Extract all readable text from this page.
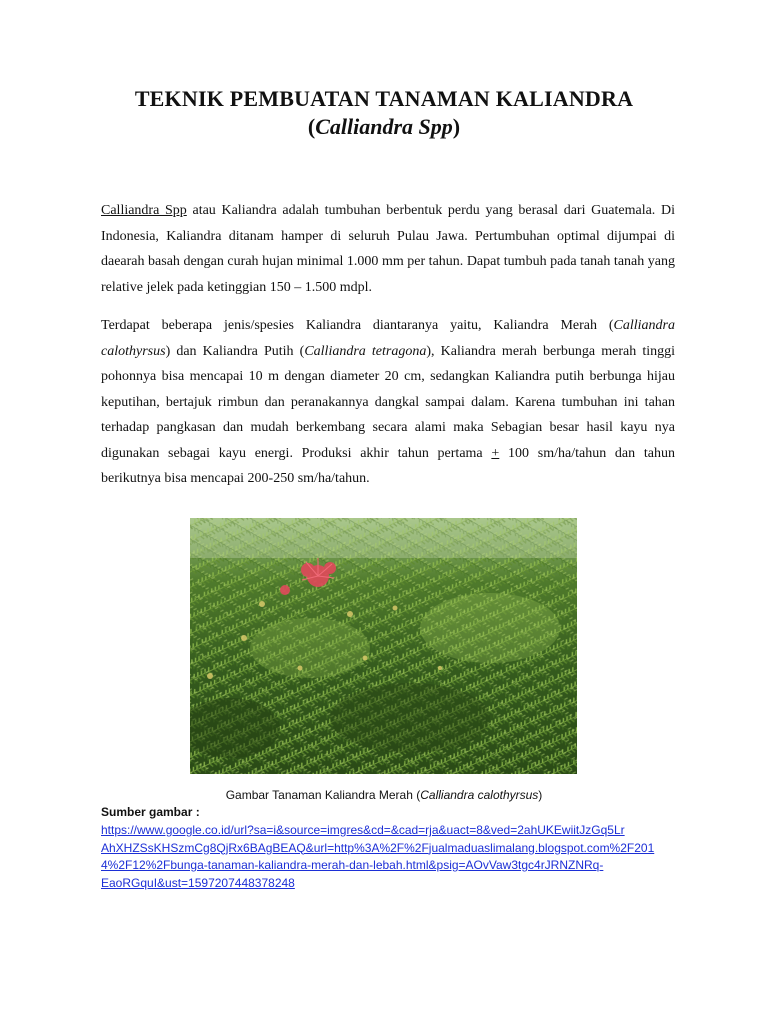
TEKNIK PEMBUATAN TANAMAN KALIANDRA
(Calliandra Spp)

Calliandra Spp atau Kaliandra adalah tumbuhan berbentuk perdu yang berasal dari Guatemala. Di Indonesia, Kaliandra ditanam hamper di seluruh Pulau Jawa. Pertumbuhan optimal dijumpai di daearah basah dengan curah hujan minimal 1.000 mm per tahun. Dapat tumbuh pada tanah tanah yang relative jelek pada ketinggian 150 – 1.500 mdpl.

Terdapat beberapa jenis/spesies Kaliandra diantaranya yaitu, Kaliandra Merah (Calliandra calothyrsus) dan Kaliandra Putih (Calliandra tetragona), Kaliandra merah berbunga merah tinggi pohonnya bisa mencapai 10 m dengan diameter 20 cm, sedangkan Kaliandra putih berbunga hijau keputihan, bertajuk rimbun dan peranakannya dangkal sampai dalam. Karena tumbuhan ini tahan terhadap pangkasan dan mudah berkembang secara alami maka Sebagian besar hasil kayu nya digunakan sebagai kayu energi. Produksi akhir tahun pertama + 100 sm/ha/tahun dan tahun berikutnya bisa mencapai 200-250 sm/ha/tahun.

Gambar Tanaman Kaliandra Merah (Calliandra calothyrsus)
Sumber gambar :
https://www.google.co.id/url?sa=i&source=imgres&cd=&cad=rja&uact=8&ved=2ahUKEwiitJzGq5Lr
AhXHZSsKHSzmCg8QjRx6BAgBEAQ&url=http%3A%2F%2Fjualmaduaslimalang.blogspot.com%2F201
4%2F12%2Fbunga-tanaman-kaliandra-merah-dan-lebah.html&psig=AOvVaw3tgc4rJRNZNRq-
EaoRGquI&ust=1597207448378248
